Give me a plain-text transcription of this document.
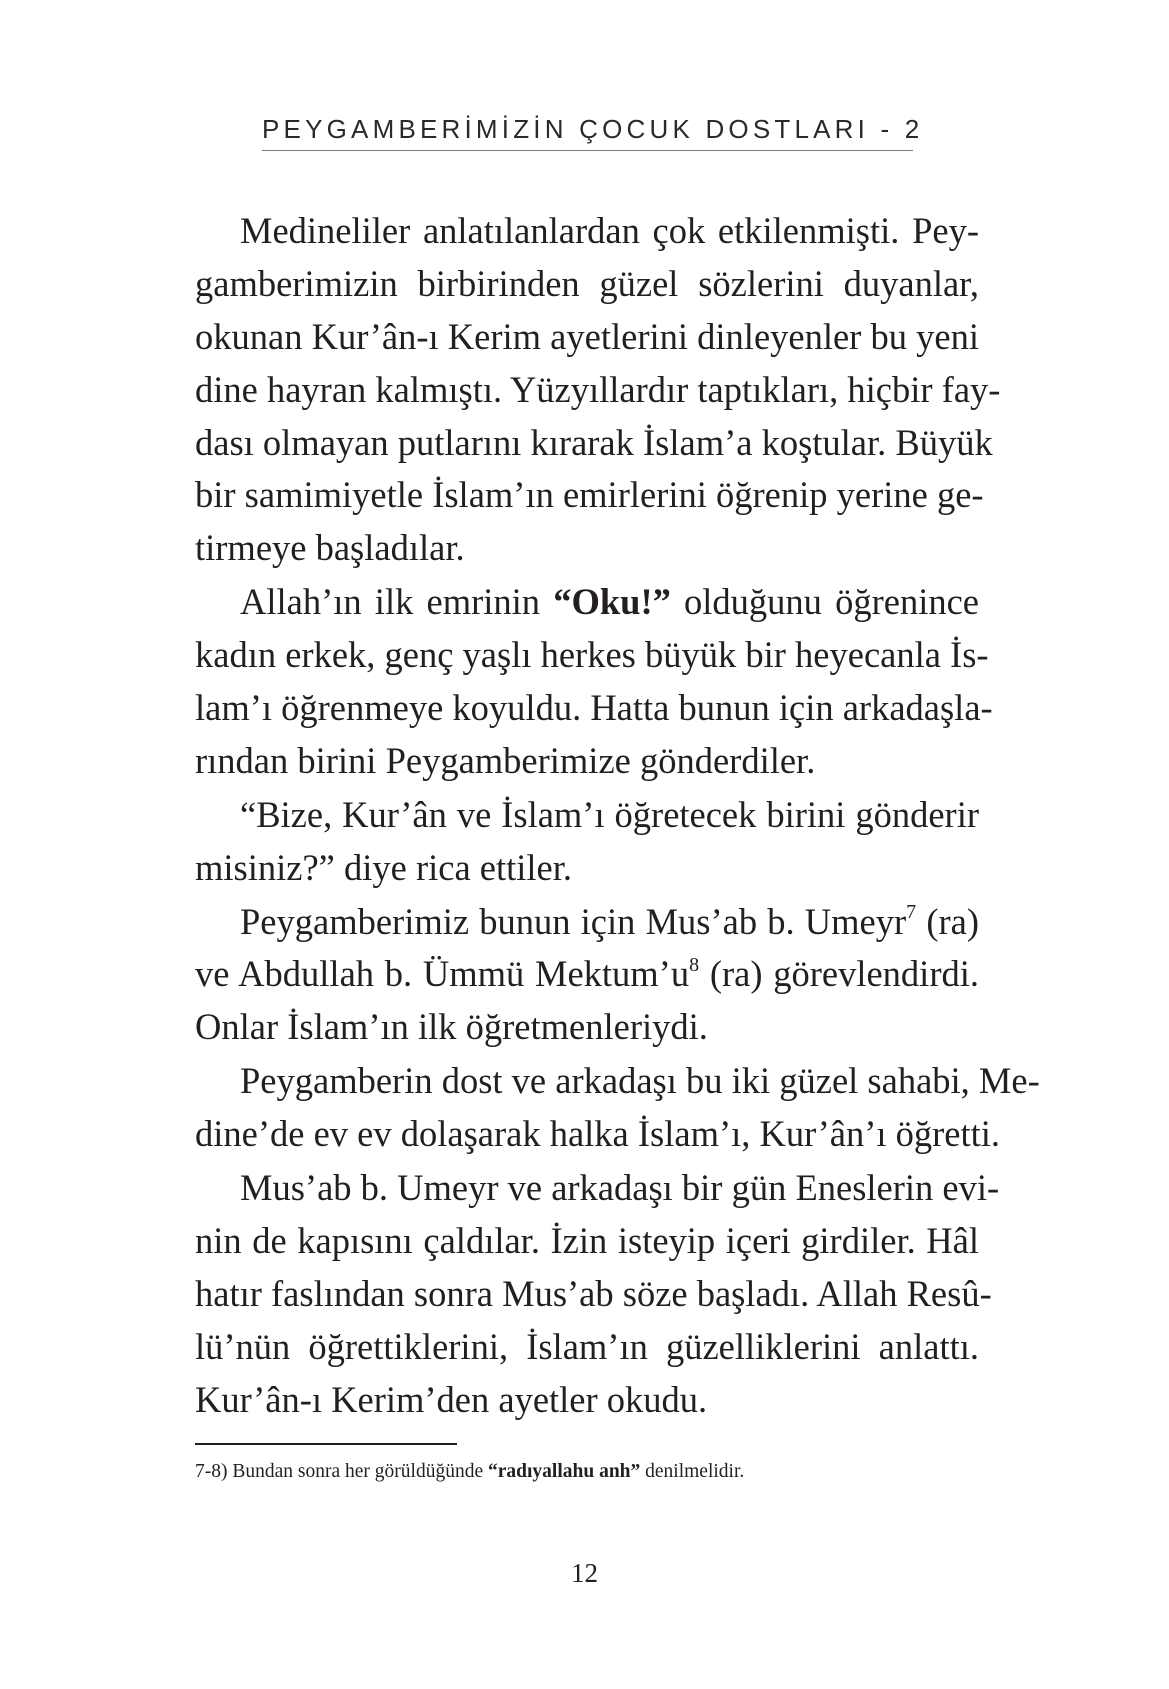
PEYGAMBERİMİZİN ÇOCUK DOSTLARI - 2
Medineliler anlatılanlardan çok etkilenmişti. Pey-
gamberimizin birbirinden güzel sözlerini duyanlar,
okunan Kur’ân-ı Kerim ayetlerini dinleyenler bu yeni
dine hayran kalmıştı. Yüzyıllardır taptıkları, hiçbir fay-
dası olmayan putlarını kırarak İslam’a koştular. Büyük
bir samimiyetle İslam’ın emirlerini öğrenip yerine ge-
tirmeye başladılar.
Allah’ın ilk emrinin “Oku!” olduğunu öğrenince
kadın erkek, genç yaşlı herkes büyük bir heyecanla İs-
lam’ı öğrenmeye koyuldu. Hatta bunun için arkadaşla-
rından birini Peygamberimize gönderdiler.
“Bize, Kur’ân ve İslam’ı öğretecek birini gönderir
misiniz?” diye rica ettiler.
Peygamberimiz bunun için Mus’ab b. Umeyr$^7$ (ra)
ve Abdullah b. Ümmü $Mektum’u^8$ (ra) görevlendirdi.
Onlar İslam’ın ilk öğretmenleriydi.
Peygamberin dost ve arkadaşı bu iki güzel sahabi, Me-
dine’de ev ev dolaşarak halka İslam’ı, Kur’ân’ı öğretti.
Mus’ab b. Umeyr ve arkadaşı bir gün Eneslerin evi-
nin de kapısını çaldılar. İzin isteyip içeri girdiler. Hâl
hatır faslından sonra Mus’ab söze başladı. Allah Resû-
lü’nün öğrettiklerini, İslam’ın güzelliklerini anlattı.
Kur’ân-ı Kerim’den ayetler okudu.
7-8) Bundan sonra her görüldüğünde “radıyallahu anh” denilmelidir.
12
